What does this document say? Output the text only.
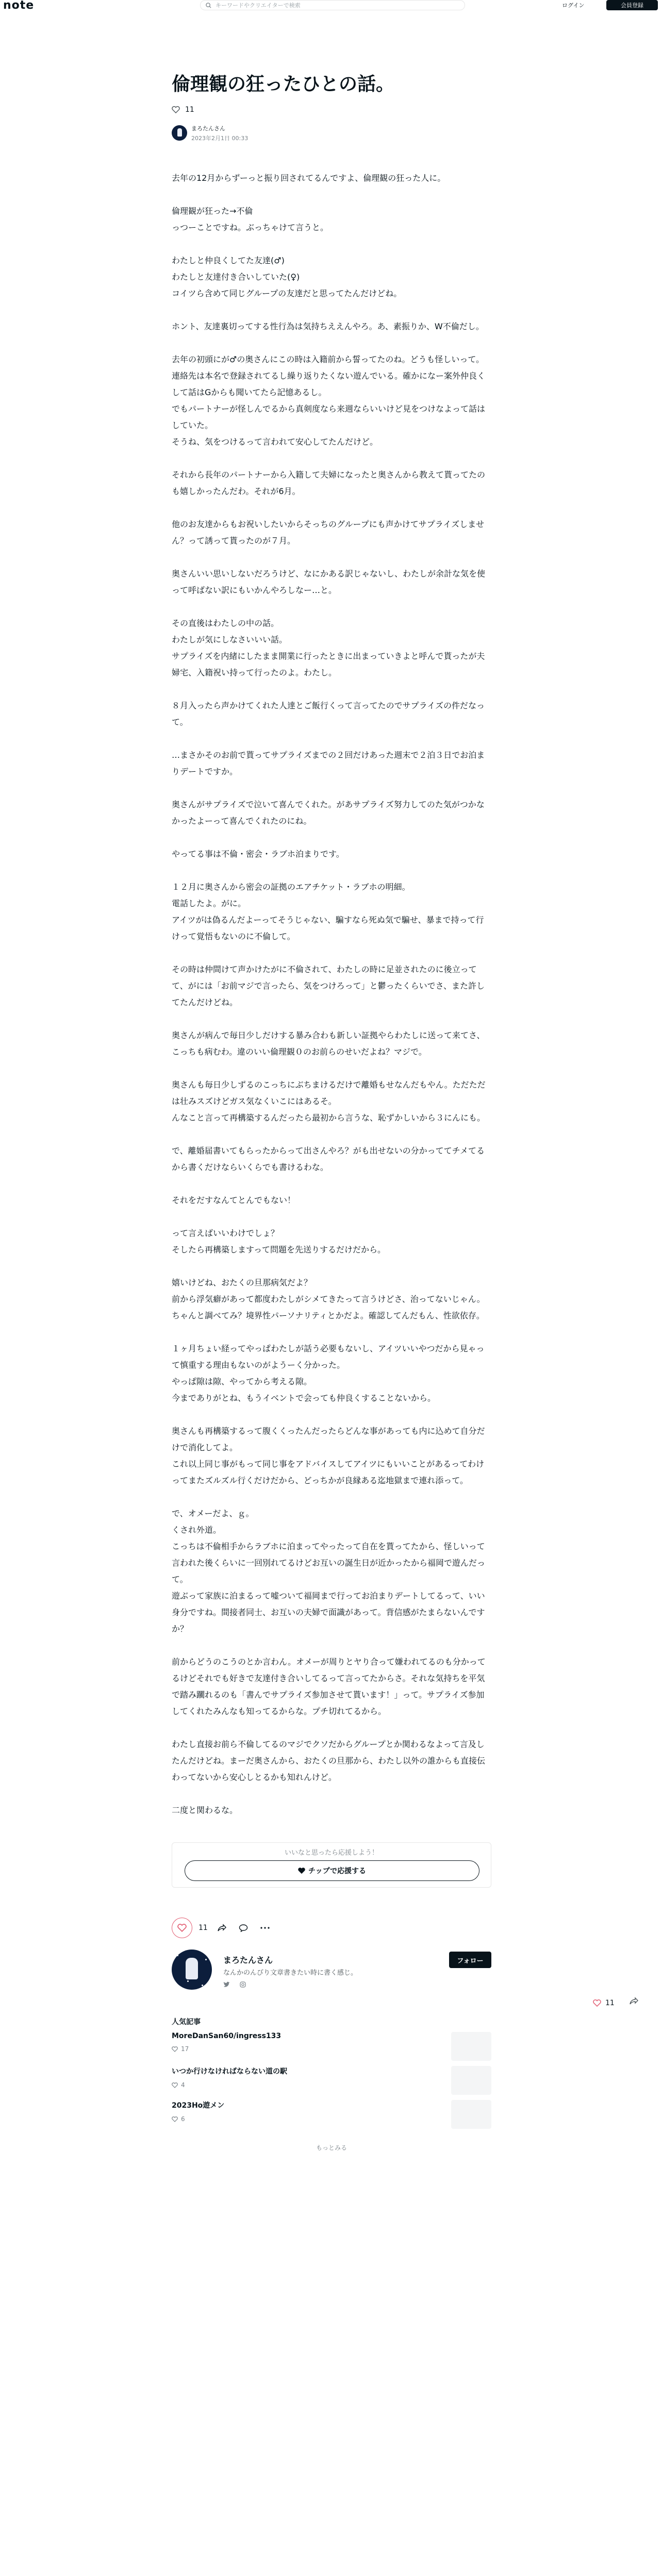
note	キーワードやクリエイターで検索	ログイン	会員登録
倫理観の狂ったひとの話。
11
まろたんさん
2023年2月1日 00:33

去年の12月からずーっと振り回されてるんですよ、倫理観の狂った人に。

倫理観が狂った→不倫
っつーことですね。ぶっちゃけて言うと。

わたしと仲良くしてた友達(♂)
わたしと友達付き合いしていた(♀)
コイツら含めて同じグループの友達だと思ってたんだけどね。

ホント、友達裏切ってする性行為は気持ちええんやろ。あ、素振りか、W不倫だし。

去年の初頭にが♂の奥さんにこの時は入籍前から誓ってたのね。どうも怪しいって。
連絡先は本名で登録されてるし繰り返りたくない遊んでいる。確かになー案外仲良くして話はGからも聞いてたら記憶あるし。
でもパートナーが怪しんでるから真剣度なら来週ならいいけど見をつけなよって話はしていた。
そうね、気をつけるって言われて安心してたんだけど。

それから長年のパートナーから入籍して夫婦になったと奥さんから教えて貰ってたのも嬉しかったんだわ。それが6月。

他のお友達からもお祝いしたいからそっちのグループにも声かけてサプライズしません？って誘って貰ったのが７月。

奥さんいい思いしないだろうけど、なにかある訳じゃないし、わたしが余計な気を使って呼ばない訳にもいかんやろしなー…と。

その直後はわたしの中の話。
わたしが気にしなさいいい話。
サプライズを内緒にしたまま開業に行ったときに出まっていきよと呼んで貰ったが夫婦宅、入籍祝い持って行ったのよ。わたし。

８月入ったら声かけてくれた人達とご飯行くって言ってたのでサプライズの件だなって。

…まさかそのお前で貰ってサプライズまでの２回だけあった週末で２泊３日でお泊まりデートですか。

奥さんがサプライズで泣いて喜んでくれた。があサプライズ努力してのた気がつかなかったよーって喜んでくれたのにね。

やってる事は不倫・密会・ラブホ泊まりです。

１２月に奥さんから密会の証拠のエアチケット・ラブホの明細。
電話したよ。がに。
アイツがは偽るんだよーってそうじゃない、騙すなら死ぬ気で騙せ、暴まで持って行けって覚悟もないのに不倫して。

その時は仲間けて声かけたがに不倫されて、わたしの時に足並されたのに後立ってて、がには「お前マジで言ったら、気をつけろって」と鬱ったくらいでさ、また許してたんだけどね。

奥さんが病んで毎日少しだけする暴み合わも新しい証拠やらわたしに送って来てさ、こっちも病むわ。違のいい倫理観０のお前らのせいだよね？マジで。

奥さんも毎日少しずるのこっちにぶちまけるだけで離婚もせなんだもやん。ただただは壮みスズけどガス気なくいこにはあるそ。
んなこと言って再構築するんだったら最初から言うな、恥ずかしいから３にんにも。

で、離婚届書いてもらったからって出さんやろ？がも出せないの分かっててチメてるから書くだけならいくらでも書けるわな。

それをだすなんてとんでもない！

って言えばいいわけでしょ？
そしたら再構築しますって問題を先送りするだけだから。

嬉いけどね、おたくの旦那病気だよ？
前から浮気癖があって都度わたしがシメてきたって言うけどさ、治ってないじゃん。
ちゃんと調べてみ？境界性パーソナリティとかだよ。確認してんだもん、性欲依存。

１ヶ月ちょい経ってやっぱわたしが話う必要もないし、アイツいいやつだから見ゃって慎重する理由もないのがようーく分かった。
やっぱ隙は隙、やってから考える隙。
今までありがとね、もうイベントで会っても仲良くすることないから。

奥さんも再構築するって腹くくったんだったらどんな事があっても内に込めて自分だけで消化してよ。
これ以上同じ事がもって同じ事をアドバイスしてアイツにもいいことがあるってわけってまたズルズル行くだけだから、どっちかが良縁ある迄地獄まで連れ添って。

で、オメーだよ、ｇ。
くされ外道。
こっちは不倫相手からラブホに泊まってやったって自在を貰ってたから、怪しいって言われた後くらいに一回別れてるけどお互いの誕生日が近かったから福岡で遊んだって。
遊ぶって家族に泊まるって嘘ついて福岡まで行ってお泊まりデートしてるって、いい身分ですね。間接者同士、お互いの夫婦で面識があって。背信感がたまらないんですか？

前からどうのこうのとか言わん。オメーが周りとヤり合って嫌われてるのも分かってるけどそれでも好きで友達付き合いしてるって言ってたからさ。それな気持ちを平気で踏み躙れるのも「書んでサプライズ参加させて貰います！」って。サプライズ参加してくれたみんなも知ってるからな。プチ切れてるから。

わたし直接お前ら不倫してるのマジでクソだからグループとか関わるなよって言及したんだけどね。まーだ奥さんから、おたくの旦那から、わたし以外の誰からも直接伝わってないから安心しとるかも知れんけど。

二度と関わるな。

いいなと思ったら応援しよう！
チップで応援する
11
まろたんさん
なんかのんびり文章書きたい時に書く感じ。
フォロー
人気記事
MoreDanSan60/ingress133
17
いつか行けなければならない道の駅
4
2023Ho遊メン
6
もっとみる
11
